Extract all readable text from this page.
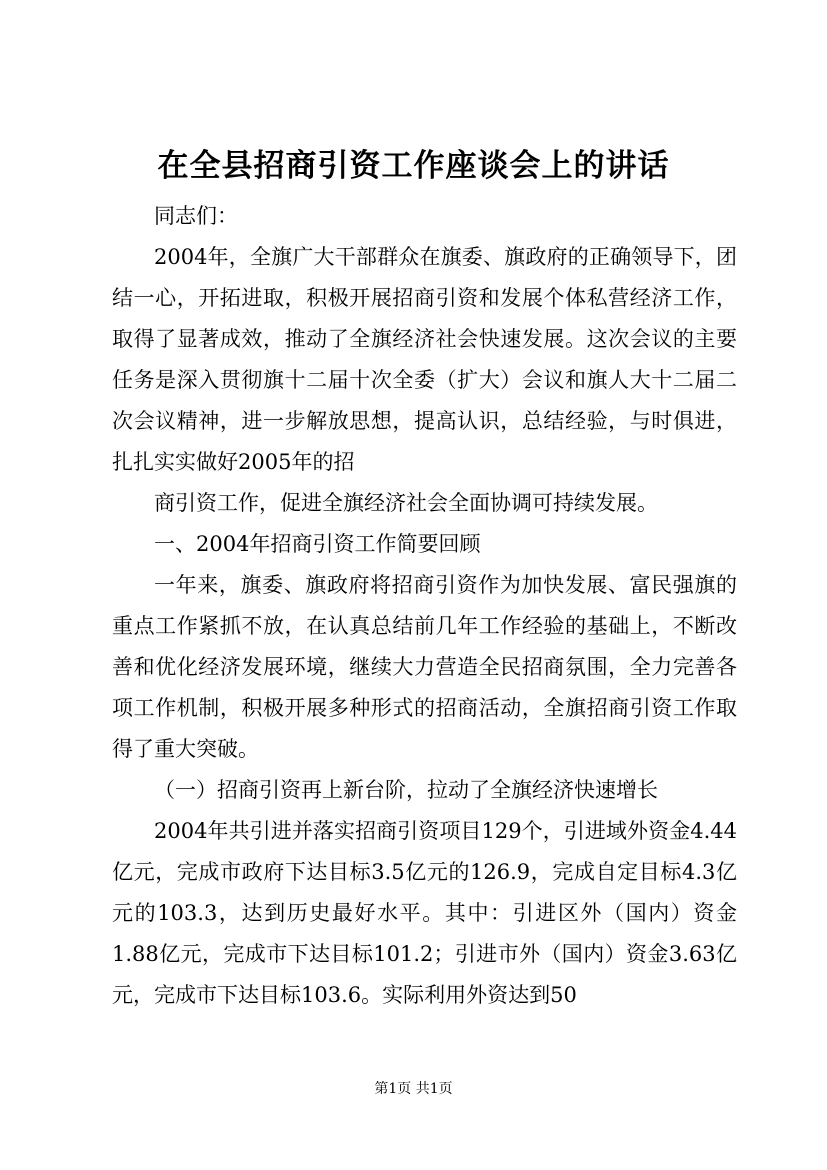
在全县招商引资工作座谈会上的讲话

同志们：

2004年，全旗广大干部群众在旗委、旗政府的正确领导下，团结一心，开拓进取，积极开展招商引资和发展个体私营经济工作，取得了显著成效，推动了全旗经济社会快速发展。这次会议的主要任务是深入贯彻旗十二届十次全委（扩大）会议和旗人大十二届二次会议精神，进一步解放思想，提高认识，总结经验，与时俱进，扎扎实实做好2005年的招

商引资工作，促进全旗经济社会全面协调可持续发展。

一、2004年招商引资工作简要回顾

一年来，旗委、旗政府将招商引资作为加快发展、富民强旗的重点工作紧抓不放，在认真总结前几年工作经验的基础上，不断改善和优化经济发展环境，继续大力营造全民招商氛围，全力完善各项工作机制，积极开展多种形式的招商活动，全旗招商引资工作取得了重大突破。

（一）招商引资再上新台阶，拉动了全旗经济快速增长

2004年共引进并落实招商引资项目129个，引进域外资金4.44亿元，完成市政府下达目标3.5亿元的126.9，完成自定目标4.3亿元的103.3，达到历史最好水平。其中：引进区外（国内）资金1.88亿元，完成市下达目标101.2；引进市外（国内）资金3.63亿元，完成市下达目标103.6。实际利用外资达到50

第1页 共1页
